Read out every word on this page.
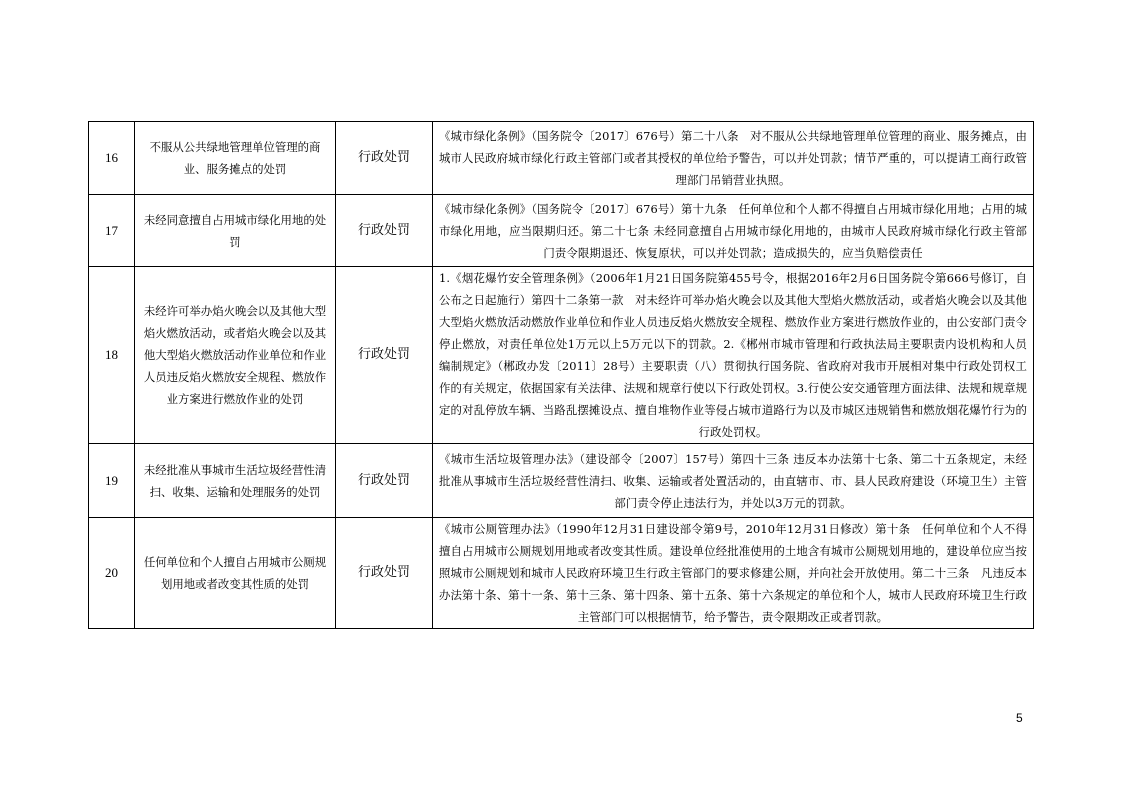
16	不服从公共绿地管理单位管理的商业、服务摊点的处罚	行政处罚	《城市绿化条例》（国务院令〔2017〕676号）第二十八条　对不服从公共绿地管理单位管理的商业、服务摊点，由城市人民政府城市绿化行政主管部门或者其授权的单位给予警告，可以并处罚款；情节严重的，可以提请工商行政管理部门吊销营业执照。
17	未经同意擅自占用城市绿化用地的处罚	行政处罚	《城市绿化条例》（国务院令〔2017〕676号）第十九条　任何单位和个人都不得擅自占用城市绿化用地；占用的城市绿化用地，应当限期归还。第二十七条 未经同意擅自占用城市绿化用地的，由城市人民政府城市绿化行政主管部门责令限期退还、恢复原状，可以并处罚款；造成损失的，应当负赔偿责任
18	未经许可举办焰火晚会以及其他大型焰火燃放活动，或者焰火晚会以及其他大型焰火燃放活动作业单位和作业人员违反焰火燃放安全规程、燃放作业方案进行燃放作业的处罚	行政处罚	1.《烟花爆竹安全管理条例》（2006年1月21日国务院第455号令，根据2016年2月6日国务院令第666号修订，自公布之日起施行）第四十二条第一款　对未经许可举办焰火晚会以及其他大型焰火燃放活动，或者焰火晚会以及其他大型焰火燃放活动燃放作业单位和作业人员违反焰火燃放安全规程、燃放作业方案进行燃放作业的，由公安部门责令停止燃放，对责任单位处1万元以上5万元以下的罚款。2.《郴州市城市管理和行政执法局主要职责内设机构和人员编制规定》（郴政办发〔2011〕28号）主要职责（八）贯彻执行国务院、省政府对我市开展相对集中行政处罚权工作的有关规定，依据国家有关法律、法规和规章行使以下行政处罚权。3.行使公安交通管理方面法律、法规和规章规定的对乱停放车辆、当路乱摆摊设点、擅自堆物作业等侵占城市道路行为以及市城区违规销售和燃放烟花爆竹行为的行政处罚权。
19	未经批准从事城市生活垃圾经营性清扫、收集、运输和处理服务的处罚	行政处罚	《城市生活垃圾管理办法》（建设部令〔2007〕157号）第四十三条 违反本办法第十七条、第二十五条规定，未经批准从事城市生活垃圾经营性清扫、收集、运输或者处置活动的，由直辖市、市、县人民政府建设（环境卫生）主管部门责令停止违法行为，并处以3万元的罚款。
20	任何单位和个人擅自占用城市公厕规划用地或者改变其性质的处罚	行政处罚	《城市公厕管理办法》（1990年12月31日建设部令第9号，2010年12月31日修改）第十条　任何单位和个人不得擅自占用城市公厕规划用地或者改变其性质。建设单位经批准使用的土地含有城市公厕规划用地的，建设单位应当按照城市公厕规划和城市人民政府环境卫生行政主管部门的要求修建公厕，并向社会开放使用。第二十三条　凡违反本办法第十条、第十一条、第十三条、第十四条、第十五条、第十六条规定的单位和个人，城市人民政府环境卫生行政主管部门可以根据情节，给予警告，责令限期改正或者罚款。
5
